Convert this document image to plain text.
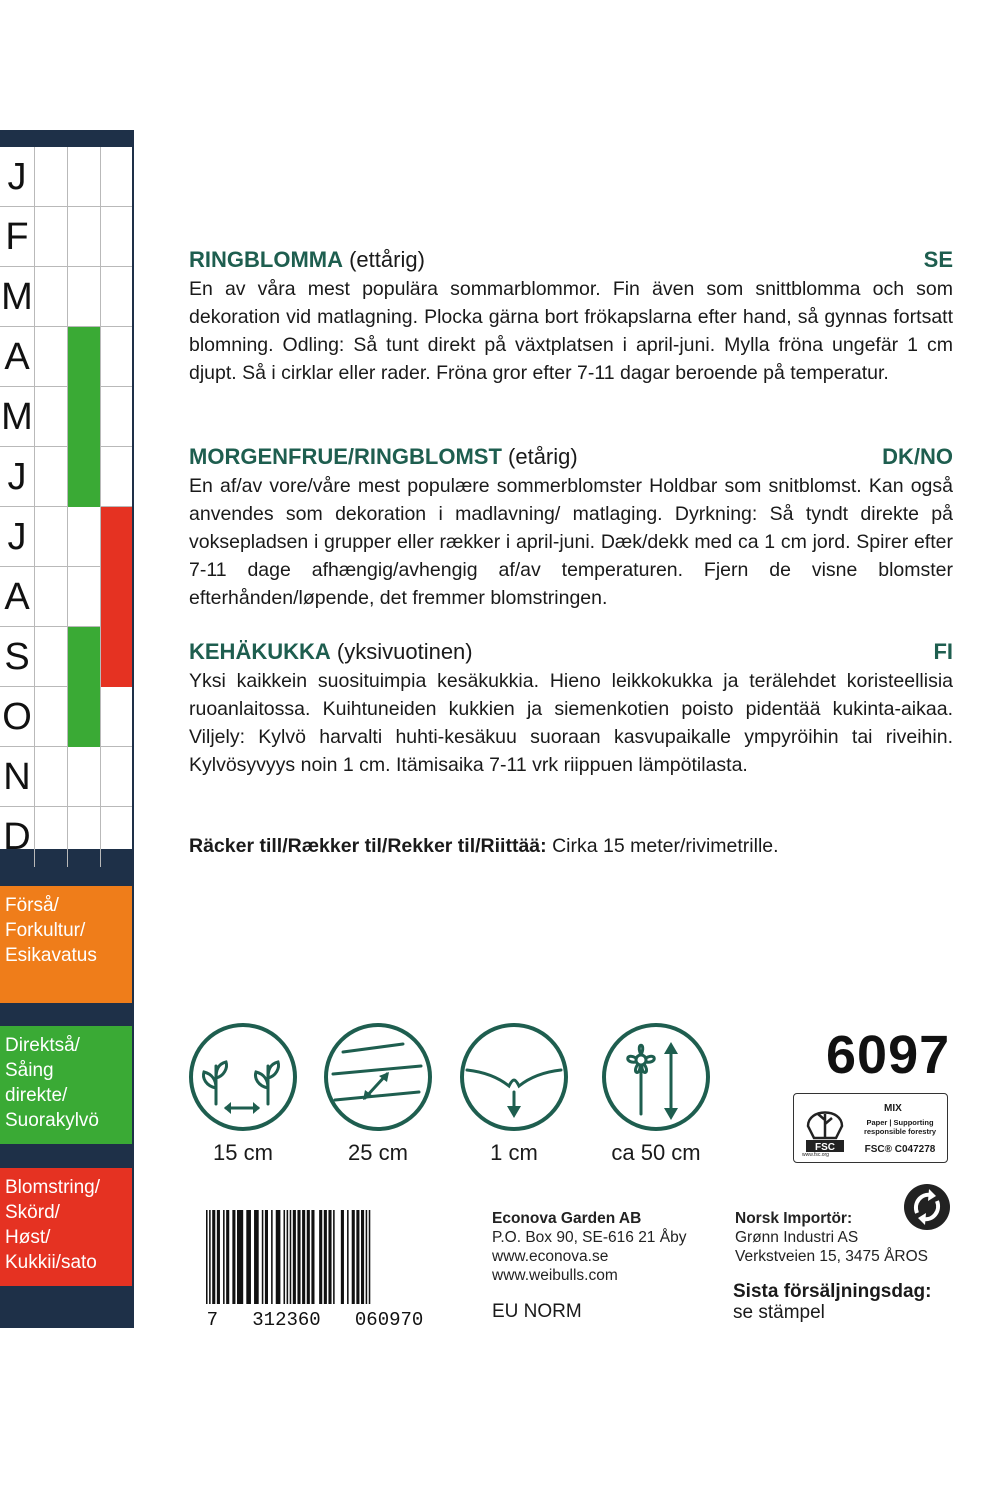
J
F
M
A
M
J
J
A
S
O
N
D
Förså/
Forkultur/
Esikavatus
Direktså/
Såing
direkte/
Suorakylvö
Blomstring/
Skörd/
Høst/
Kukkii/sato
RINGBLOMMA (ettårig)	SE
En av våra mest populära sommarblommor. Fin även som snittblomma och som dekoration vid matlagning. Plocka gärna bort frökapslarna efter hand, så gynnas fortsatt blomning. Odling: Så tunt direkt på växtplatsen i april-juni. Mylla fröna ungefär 1 cm djupt. Så i cirklar eller rader. Fröna gror efter 7-11 dagar beroende på temperatur.
MORGENFRUE/RINGBLOMST (etårig)	DK/NO
En af/av vore/våre mest populære sommerblomster Holdbar som snitblomst. Kan også anvendes som dekoration i madlavning/ matlaging. Dyrkning: Så tyndt direkte på voksepladsen i grupper eller rækker i april-juni. Dæk/dekk med ca 1 cm jord. Spirer efter 7-11 dage afhængig/avhengig af/av temperaturen. Fjern de visne blomster efterhånden/løpende, det fremmer blomstringen.
KEHÄKUKKA (yksivuotinen)	FI
Yksi kaikkein suosituimpia kesäkukkia. Hieno leikkokukka ja terälehdet koristeellisia ruoanlaitossa. Kuihtuneiden kukkien ja siemenkotien poisto pidentää kukinta-aikaa. Viljely: Kylvö harvalti huhti-kesäkuu suoraan kasvupaikalle ympyröihin tai riveihin. Kylvösyvyys noin 1 cm. Itämisaika 7-11 vrk riippuen lämpötilasta.
Räcker till/Rækker til/Rekker til/Riittää: Cirka 15 meter/rivimetrille.
15 cm	25 cm	1 cm	ca 50 cm
6097
FSC
MIX
Paper | Supporting responsible forestry
FSC® C047278
www.fsc.org
7   312360   060970
Econova Garden AB
P.O. Box 90, SE-616 21 Åby
www.econova.se
www.weibulls.com
EU NORM
Norsk Importör:
Grønn Industri AS
Verkstveien 15, 3475 ÅROS
Sista försäljningsdag:
se stämpel
